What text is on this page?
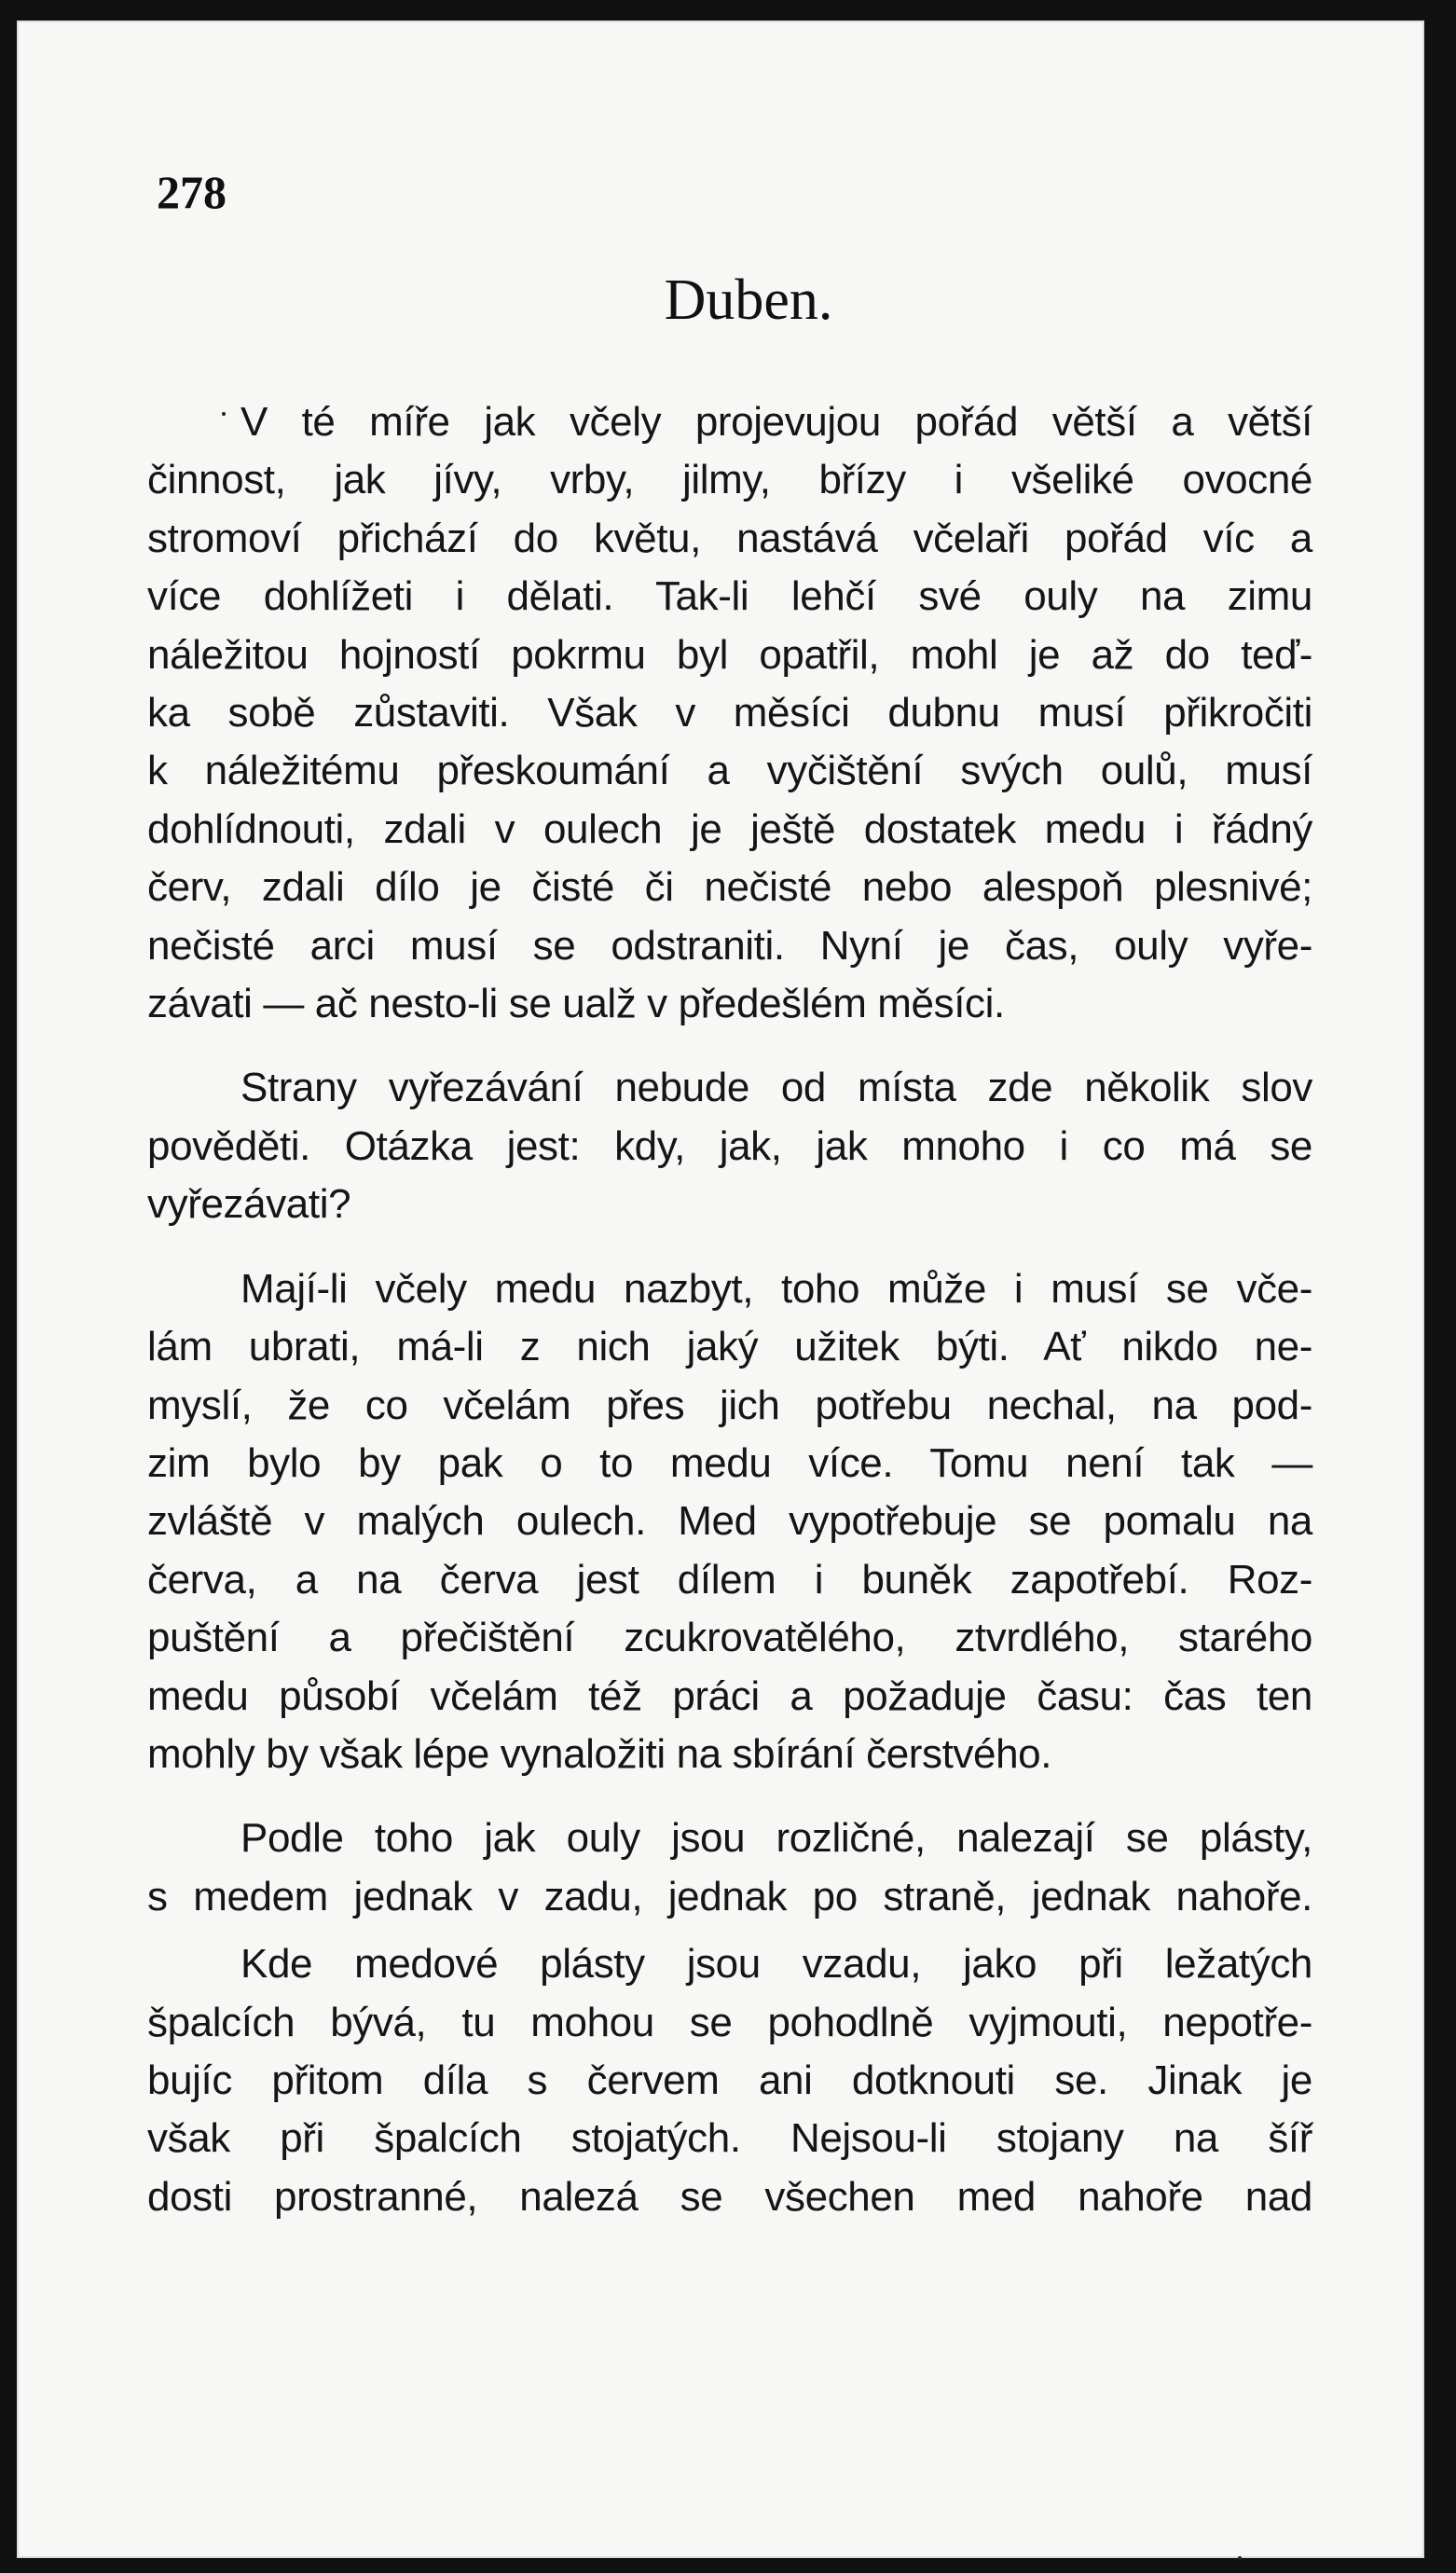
278
Duben.

V té míře jak včely projevujou pořád větší a větší
činnost, jak jívy, vrby, jilmy, břízy i všeliké ovocné
stromoví přichází do květu, nastává včelaři pořád víc a
více dohlížeti i dělati. Tak-li lehčí své ouly na zimu
náležitou hojností pokrmu byl opatřil, mohl je až do teď-
ka sobě zůstaviti. Však v měsíci dubnu musí přikročiti
k náležitému přeskoumání a vyčištění svých oulů, musí
dohlídnouti, zdali v oulech je ještě dostatek medu i řádný
červ, zdali dílo je čisté či nečisté nebo alespoň plesnivé;
nečisté arci musí se odstraniti. Nyní je čas, ouly vyře-
závati — ač nesto-li se ualž v předešlém měsíci.

Strany vyřezávání nebude od místa zde několik slov
pověděti. Otázka jest: kdy, jak, jak mnoho i co má se
vyřezávati?

Mají-li včely medu nazbyt, toho může i musí se vče-
lám ubrati, má-li z nich jaký užitek býti. Ať nikdo ne-
myslí, že co včelám přes jich potřebu nechal, na pod-
zim bylo by pak o to medu více. Tomu není tak —
zvláště v malých oulech. Med vypotřebuje se pomalu na
červa, a na červa jest dílem i buněk zapotřebí. Roz-
puštění a přečištění zcukrovatělého, ztvrdlého, starého
medu působí včelám též práci a požaduje času: čas ten
mohly by však lépe vynaložiti na sbírání čerstvého.

Podle toho jak ouly jsou rozličné, nalezají se plásty,
s medem jednak v zadu, jednak po straně, jednak nahoře.

Kde medové plásty jsou vzadu, jako při ležatých
špalcích bývá, tu mohou se pohodlně vyjmouti, nepotře-
bujíc přitom díla s červem ani dotknouti se. Jinak je
však při špalcích stojatých. Nejsou-li stojany na šíř
dosti prostranné, nalezá se všechen med nahoře nad
